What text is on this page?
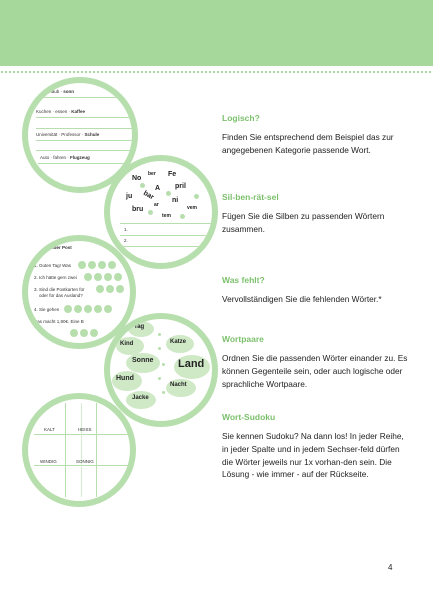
Urlaub · sonn
Kuchen · essen · Kaffee
Universität · Professor · Schule
Auto · fahren · Flugzeug
No
ber Fe
A pril
ju bar ni
bru
ar	vem
tem
1.
2.
...der Post
1. Guten Tag! Was
2. Ich hätte gern zwei
3. Sind die Postkarten für
oder für das Ausland?
4. Sie gehen
Das macht 1,90€. Eine B
Tag
Kind	Katze
Sonne Land
Hund
Nacht
Jacke
KALT	HEISS
WINDIG	SONNIG
Logisch?

Finden Sie entsprechend dem Beispiel das zur angegebenen Kategorie passende Wort.

Sil-ben-rät-sel

Fügen Sie die Silben zu passenden Wörtern zusammen.

Was fehlt?

Vervollständigen Sie die fehlenden Wörter.*

Wortpaare

Ordnen Sie die passenden Wörter einander zu. Es können Gegenteile sein, oder auch logische oder sprachliche Wortpaare.

Wort-Sudoku

Sie kennen Sudoku? Na dann los! In jeder Reihe, in jeder Spalte und in jedem Sechser-feld dürfen die Wörter jeweils nur 1x vorhan-den sein. Die Lösung - wie immer - auf der Rückseite.

4
